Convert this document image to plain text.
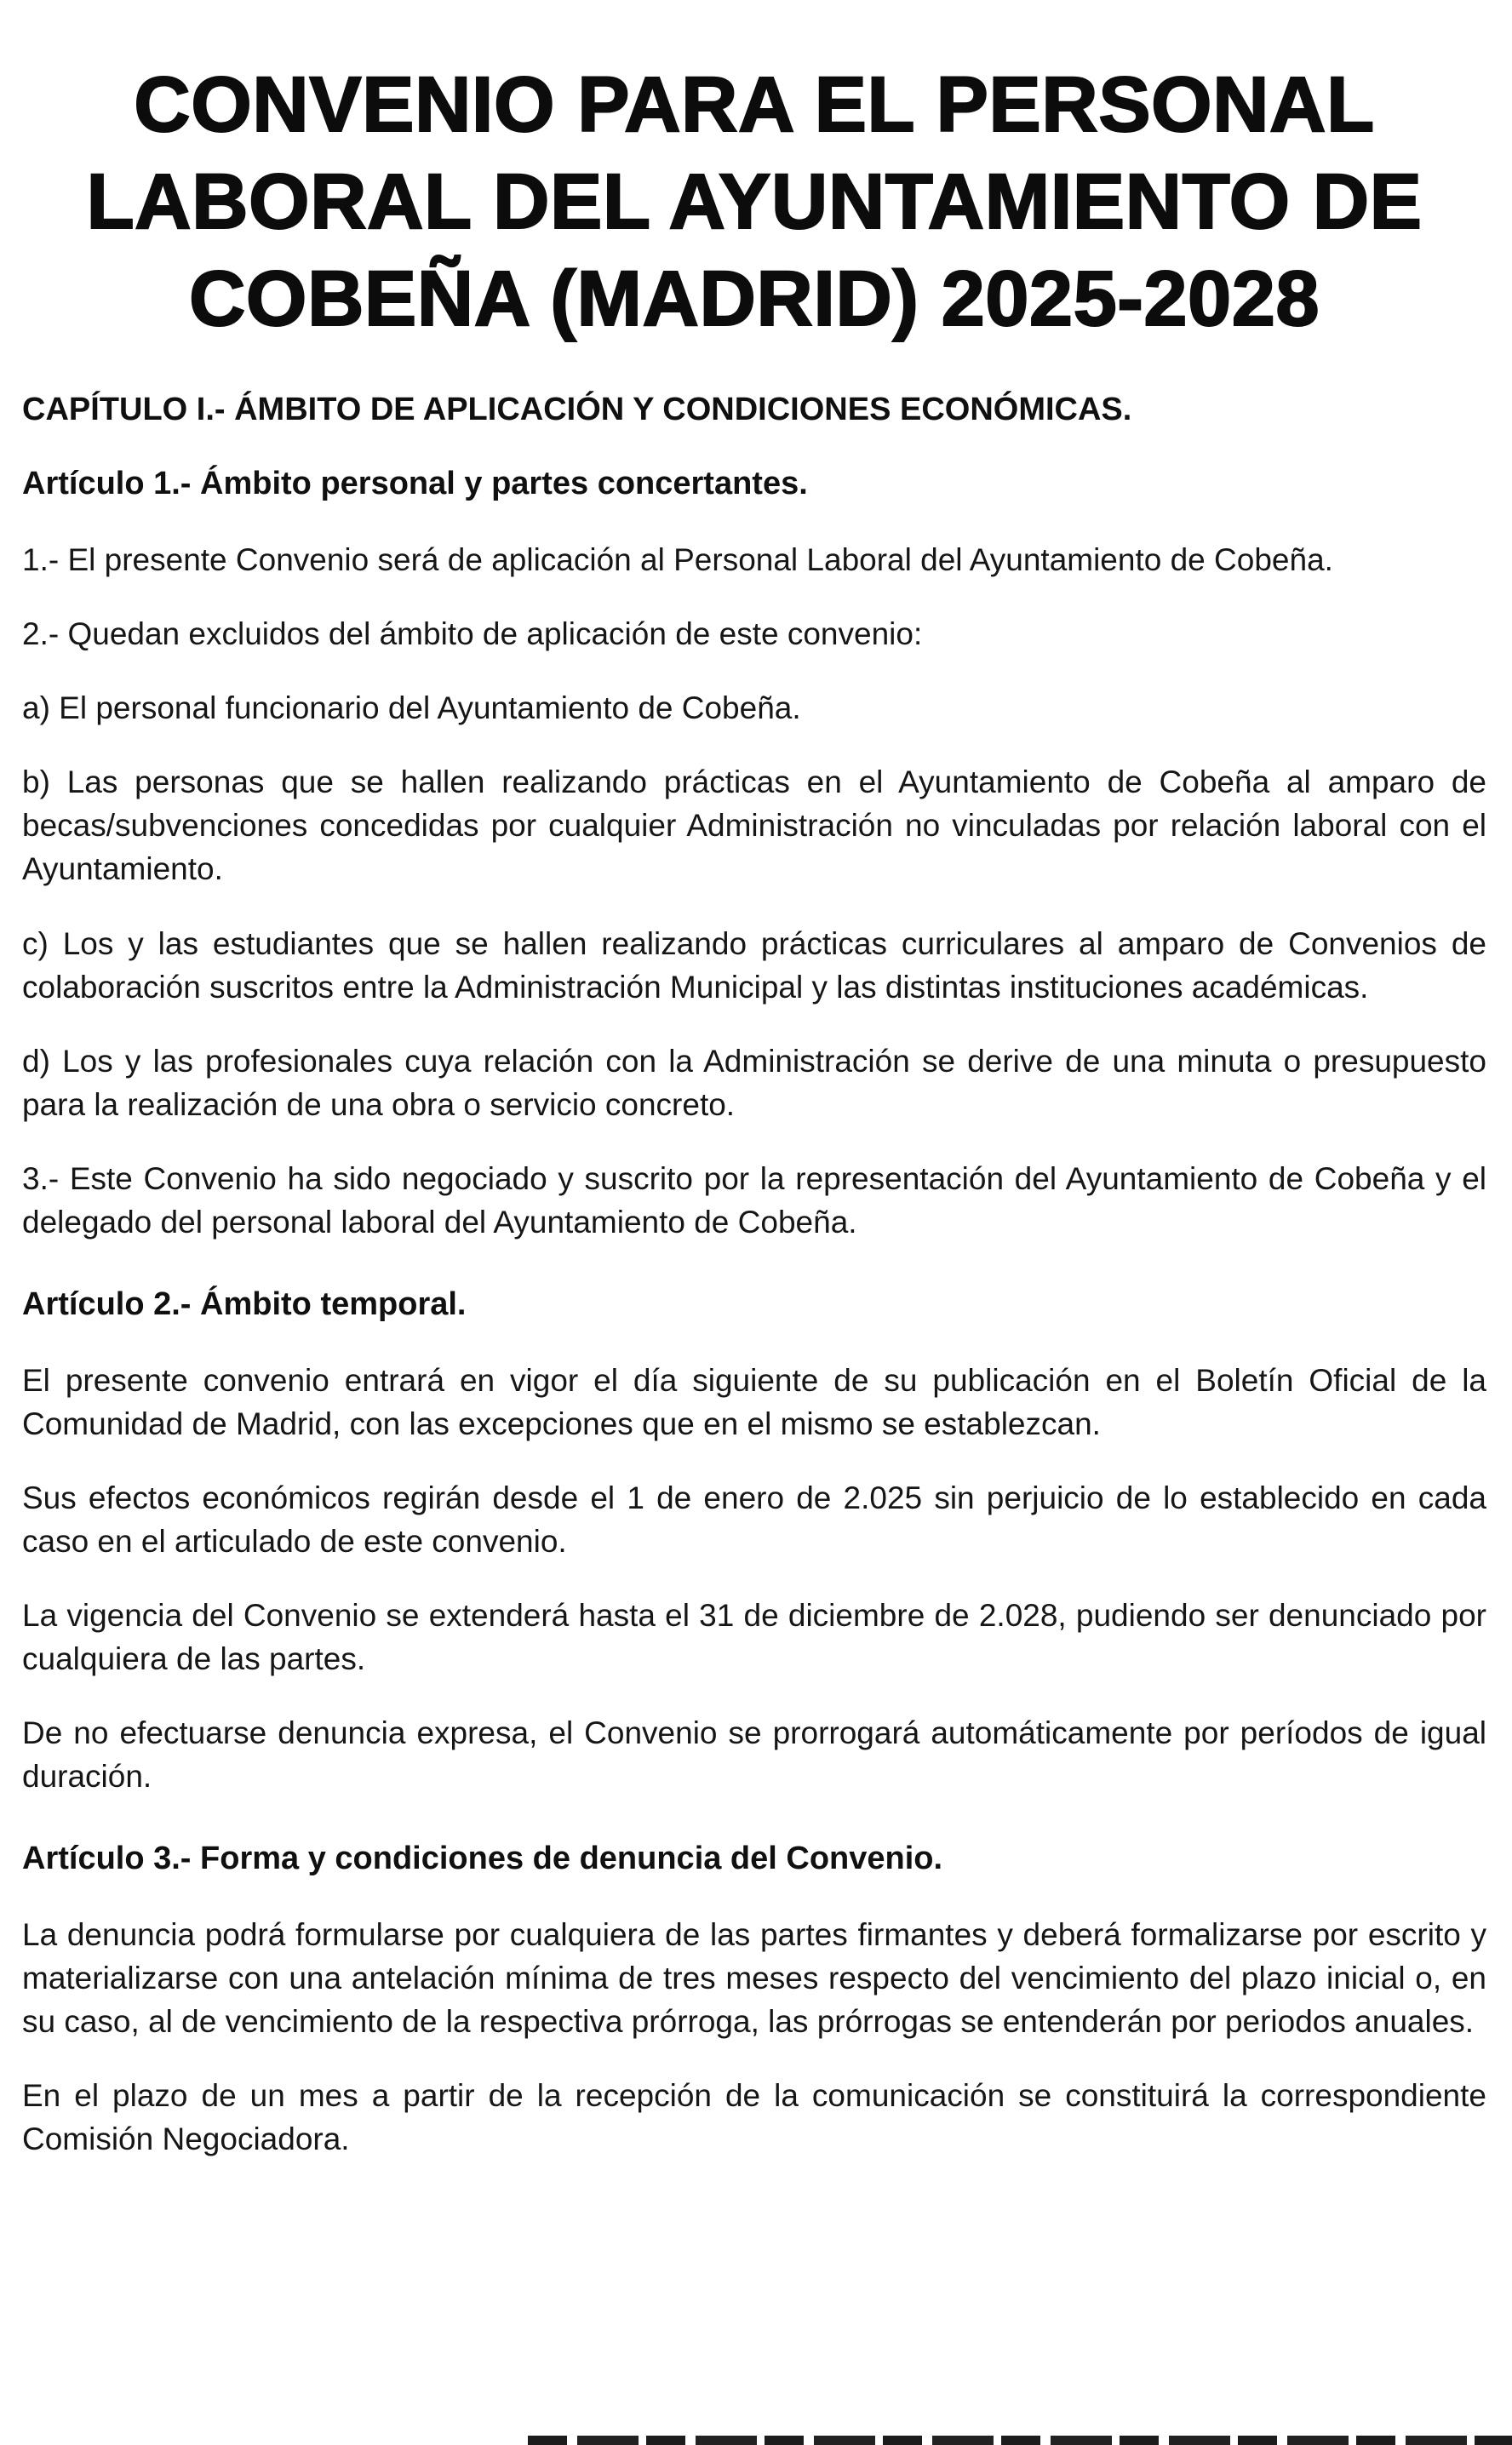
CONVENIO PARA EL PERSONAL
LABORAL DEL AYUNTAMIENTO DE
COBEÑA (MADRID) 2025-2028
CAPÍTULO I.- ÁMBITO DE APLICACIÓN Y CONDICIONES ECONÓMICAS.
Artículo 1.- Ámbito personal y partes concertantes.

1.- El presente Convenio será de aplicación al Personal Laboral del Ayuntamiento de Cobeña.

2.- Quedan excluidos del ámbito de aplicación de este convenio:

a) El personal funcionario del Ayuntamiento de Cobeña.

b) Las personas que se hallen realizando prácticas en el Ayuntamiento de Cobeña al amparo de becas/subvenciones concedidas por cualquier Administración no vinculadas por relación laboral con el Ayuntamiento.

c) Los y las estudiantes que se hallen realizando prácticas curriculares al amparo de Convenios de colaboración suscritos entre la Administración Municipal y las distintas instituciones académicas.

d) Los y las profesionales cuya relación con la Administración se derive de una minuta o presupuesto para la realización de una obra o servicio concreto.

3.- Este Convenio ha sido negociado y suscrito por la representación del Ayuntamiento de Cobeña y el delegado del personal laboral del Ayuntamiento de Cobeña.

Artículo 2.- Ámbito temporal.

El presente convenio entrará en vigor el día siguiente de su publicación en el Boletín Oficial de la Comunidad de Madrid, con las excepciones que en el mismo se establezcan.

Sus efectos económicos regirán desde el 1 de enero de 2.025 sin perjuicio de lo establecido en cada caso en el articulado de este convenio.

La vigencia del Convenio se extenderá hasta el 31 de diciembre de 2.028, pudiendo ser denunciado por cualquiera de las partes.

De no efectuarse denuncia expresa, el Convenio se prorrogará automáticamente por períodos de igual duración.

Artículo 3.- Forma y condiciones de denuncia del Convenio.

La denuncia podrá formularse por cualquiera de las partes firmantes y deberá formalizarse por escrito y materializarse con una antelación mínima de tres meses respecto del vencimiento del plazo inicial o, en su caso, al de vencimiento de la respectiva prórroga, las prórrogas se entenderán por periodos anuales.

En el plazo de un mes a partir de la recepción de la comunicación se constituirá la correspondiente Comisión Negociadora.
